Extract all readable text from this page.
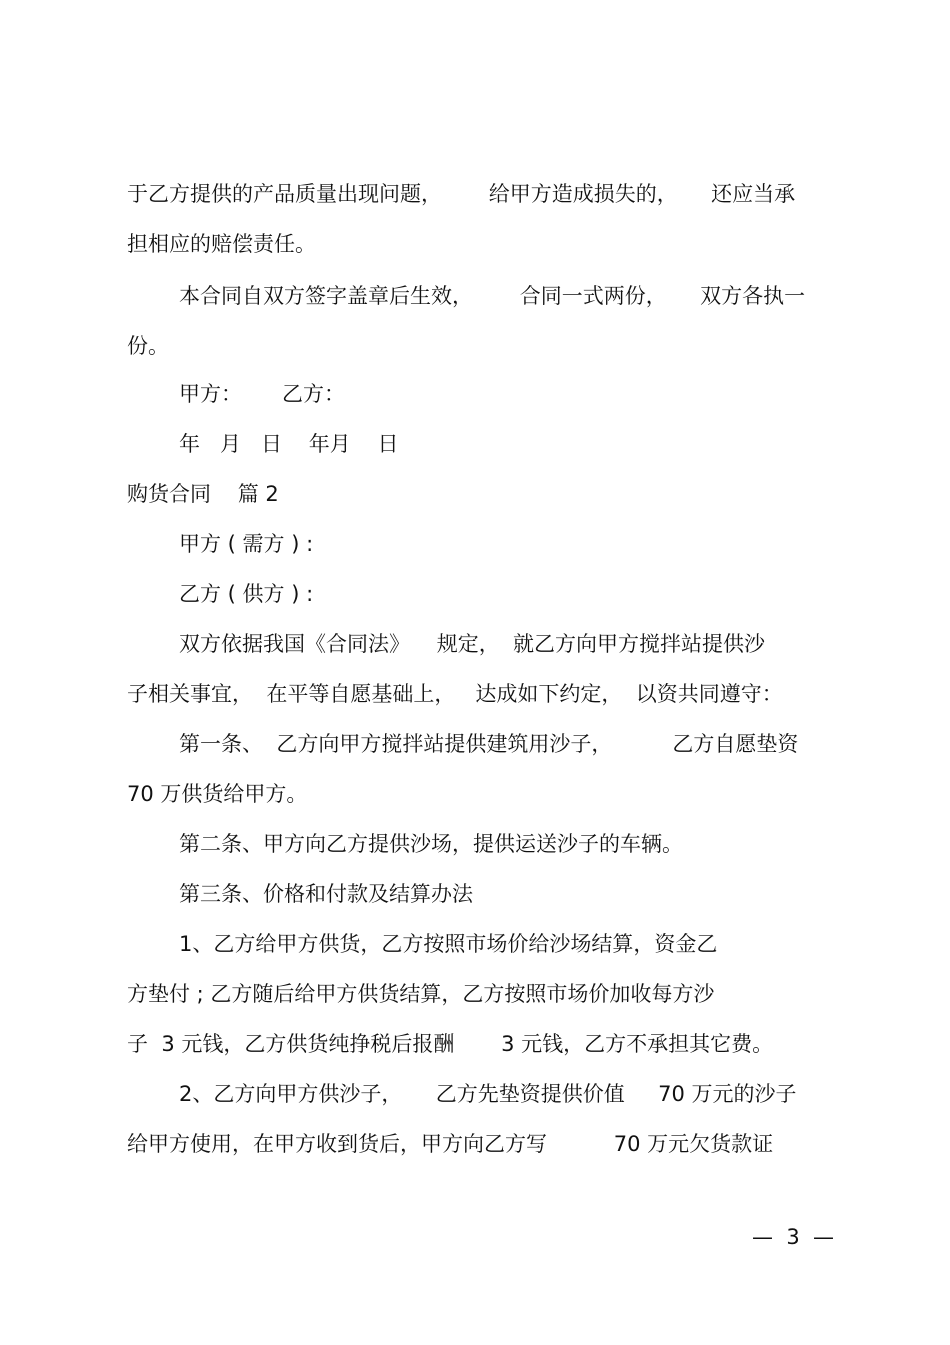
于乙方提供的产品质量出现问题，       给甲方造成损失的，     还应当承
担相应的赔偿责任。
本合同自双方签字盖章后生效，       合同一式两份，     双方各执一
份。
甲方：      乙方：
年   月   日    年月    日
购货合同    篇 2
甲方 ( 需方 ) :
乙方 ( 供方 ) :
双方依据我国《合同法》    规定，  就乙方向甲方搅拌站提供沙
子相关事宜，  在平等自愿基础上，   达成如下约定，  以资共同遵守：
第一条、  乙方向甲方搅拌站提供建筑用沙子，         乙方自愿垫资
70 万供货给甲方。
第二条、甲方向乙方提供沙场，提供运送沙子的车辆。
第三条、价格和付款及结算办法
1、乙方给甲方供货，乙方按照市场价给沙场结算，资金乙
方垫付 ; 乙方随后给甲方供货结算，乙方按照市场价加收每方沙
子  3 元钱，乙方供货纯挣税后报酬       3 元钱，乙方不承担其它费。
2、乙方向甲方供沙子，     乙方先垫资提供价值     70 万元的沙子
给甲方使用，在甲方收到货后，甲方向乙方写          70 万元欠货款证
—  3  —
